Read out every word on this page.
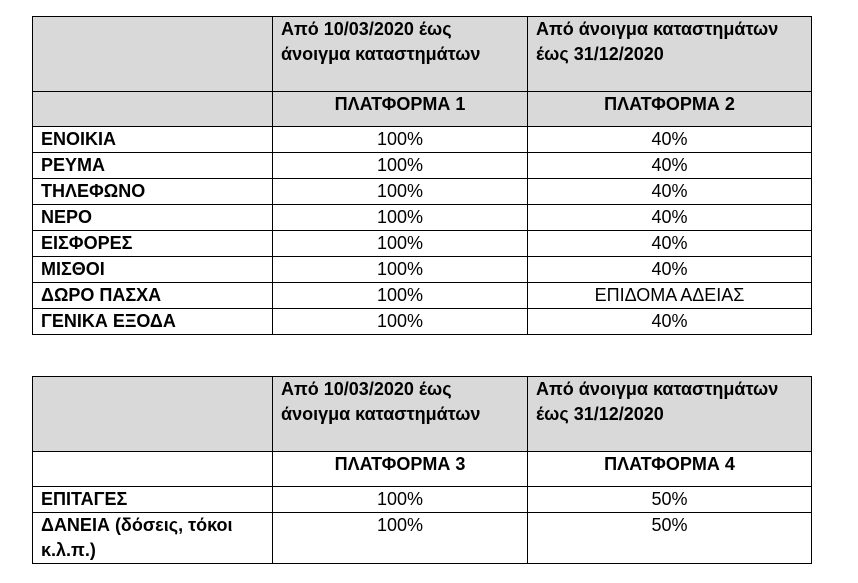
	Από 10/03/2020 έως άνοιγμα καταστημάτων	Από άνοιγμα καταστημάτων έως 31/12/2020
	ΠΛΑΤΦΟΡΜΑ 1	ΠΛΑΤΦΟΡΜΑ 2
ΕΝΟΙΚΙΑ	100%	40%
ΡΕΥΜΑ	100%	40%
ΤΗΛΕΦΩΝΟ	100%	40%
ΝΕΡΟ	100%	40%
ΕΙΣΦΟΡΕΣ	100%	40%
ΜΙΣΘΟΙ	100%	40%
ΔΩΡΟ ΠΑΣΧΑ	100%	ΕΠΙΔΟΜΑ ΑΔΕΙΑΣ
ΓΕΝΙΚΑ ΕΞΟΔΑ	100%	40%
	Από 10/03/2020 έως άνοιγμα καταστημάτων	Από άνοιγμα καταστημάτων έως 31/12/2020
	ΠΛΑΤΦΟΡΜΑ 3	ΠΛΑΤΦΟΡΜΑ 4
ΕΠΙΤΑΓΕΣ	100%	50%
ΔΑΝΕΙΑ (δόσεις, τόκοι κ.λ.π.)	100%	50%
